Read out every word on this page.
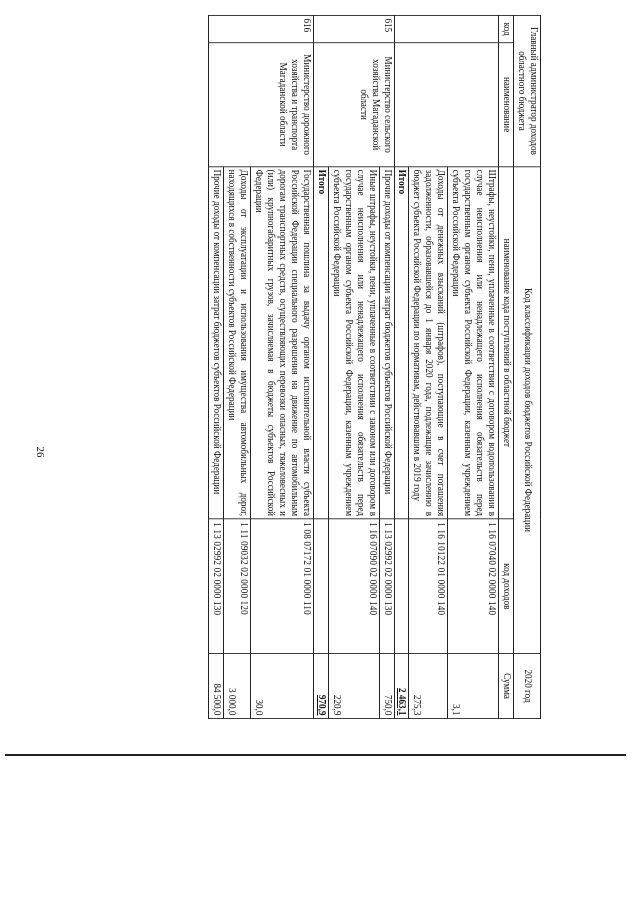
26
Главный администратор доходов областного бюджета		Код классификации доходов бюджетов Российской Федерации		2020 год
код	наименование	наименование кода поступлений в областной бюджет	код доходов	Сумма
		Штрафы, неустойки, пени, уплаченные в соответствии с договором водопользования в случае неисполнения или ненадлежащего исполнения обязательств перед государственным органом субъекта Российской Федерации, казенным учреждением субъекта Российской Федерации	1 16 07040 02 0000 140	3,1
		Доходы от денежных взысканий (штрафов), поступающие в счет погашения задолженности, образовавшейся до 1 января 2020 года, подлежащие зачислению в бюджет субъекта Российской Федерации по нормативам, действовавшим в 2019 году	1 16 10122 01 0000 140	275,3
		Итого		2 463,1
615	Министерство сельского хозяйства Магаданской области	Прочие доходы от компенсации затрат бюджетов субъектов Российской Федерации	1 13 02992 02 0000 130	750,0
		Иные штрафы, неустойки, пени, уплаченные в соответствии с законом или договором в случае неисполнения или ненадлежащего исполнения обязательств перед государственным органом субъекта Российской Федерации, казенным учреждением субъекта Российской Федерации	1 16 07090 02 0000 140	220,9
		Итого		970,9
616	Министерство дорожного хозяйства и транспорта Магаданской области	Государственная пошлина за выдачу органом исполнительной власти субъекта Российской Федерации специального разрешения на движение по автомобильным дорогам транспортных средств, осуществляющих перевозки опасных, тяжеловесных и (или) крупногабаритных грузов, зачисляемая в бюджеты субъектов Российской Федерации	1 08 07172 01 0000 110	30,0
		Доходы от эксплуатации и использования имущества автомобильных дорог, находящихся в собственности субъектов Российской Федерации	1 11 09032 02 0000 120	3 000,0
		Прочие доходы от компенсации затрат бюджетов субъектов Российской Федерации	1 13 02992 02 0000 130	84 500,0
